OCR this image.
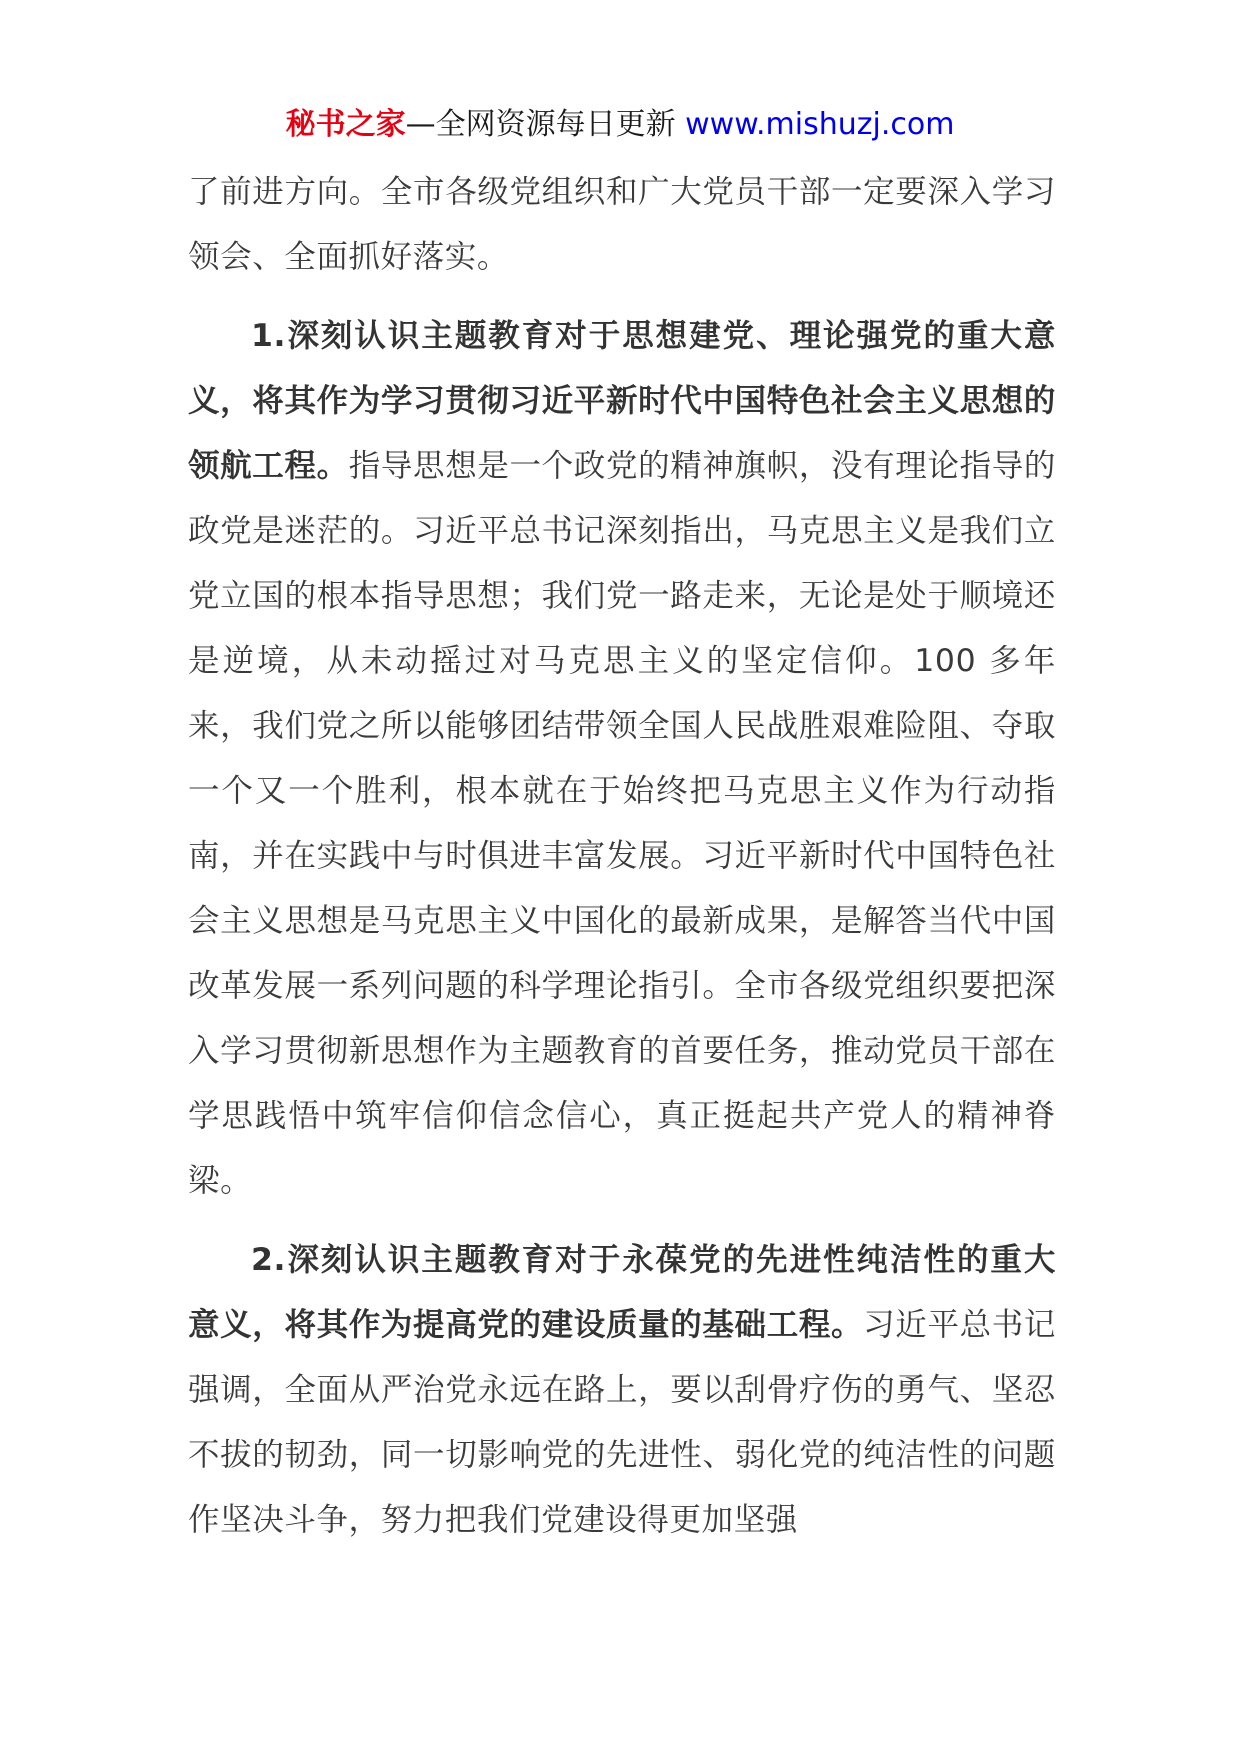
秘书之家—全网资源每日更新 www.mishuzj.com

了前进方向。全市各级党组织和广大党员干部一定要深入学习领会、全面抓好落实。

1.深刻认识主题教育对于思想建党、理论强党的重大意义，将其作为学习贯彻习近平新时代中国特色社会主义思想的领航工程。指导思想是一个政党的精神旗帜，没有理论指导的政党是迷茫的。习近平总书记深刻指出，马克思主义是我们立党立国的根本指导思想；我们党一路走来，无论是处于顺境还是逆境，从未动摇过对马克思主义的坚定信仰。100 多年来，我们党之所以能够团结带领全国人民战胜艰难险阻、夺取一个又一个胜利，根本就在于始终把马克思主义作为行动指南，并在实践中与时俱进丰富发展。习近平新时代中国特色社会主义思想是马克思主义中国化的最新成果，是解答当代中国改革发展一系列问题的科学理论指引。全市各级党组织要把深入学习贯彻新思想作为主题教育的首要任务，推动党员干部在学思践悟中筑牢信仰信念信心，真正挺起共产党人的精神脊梁。

2.深刻认识主题教育对于永葆党的先进性纯洁性的重大意义，将其作为提高党的建设质量的基础工程。习近平总书记强调，全面从严治党永远在路上，要以刮骨疗伤的勇气、坚忍不拔的韧劲，同一切影响党的先进性、弱化党的纯洁性的问题作坚决斗争，努力把我们党建设得更加坚强
